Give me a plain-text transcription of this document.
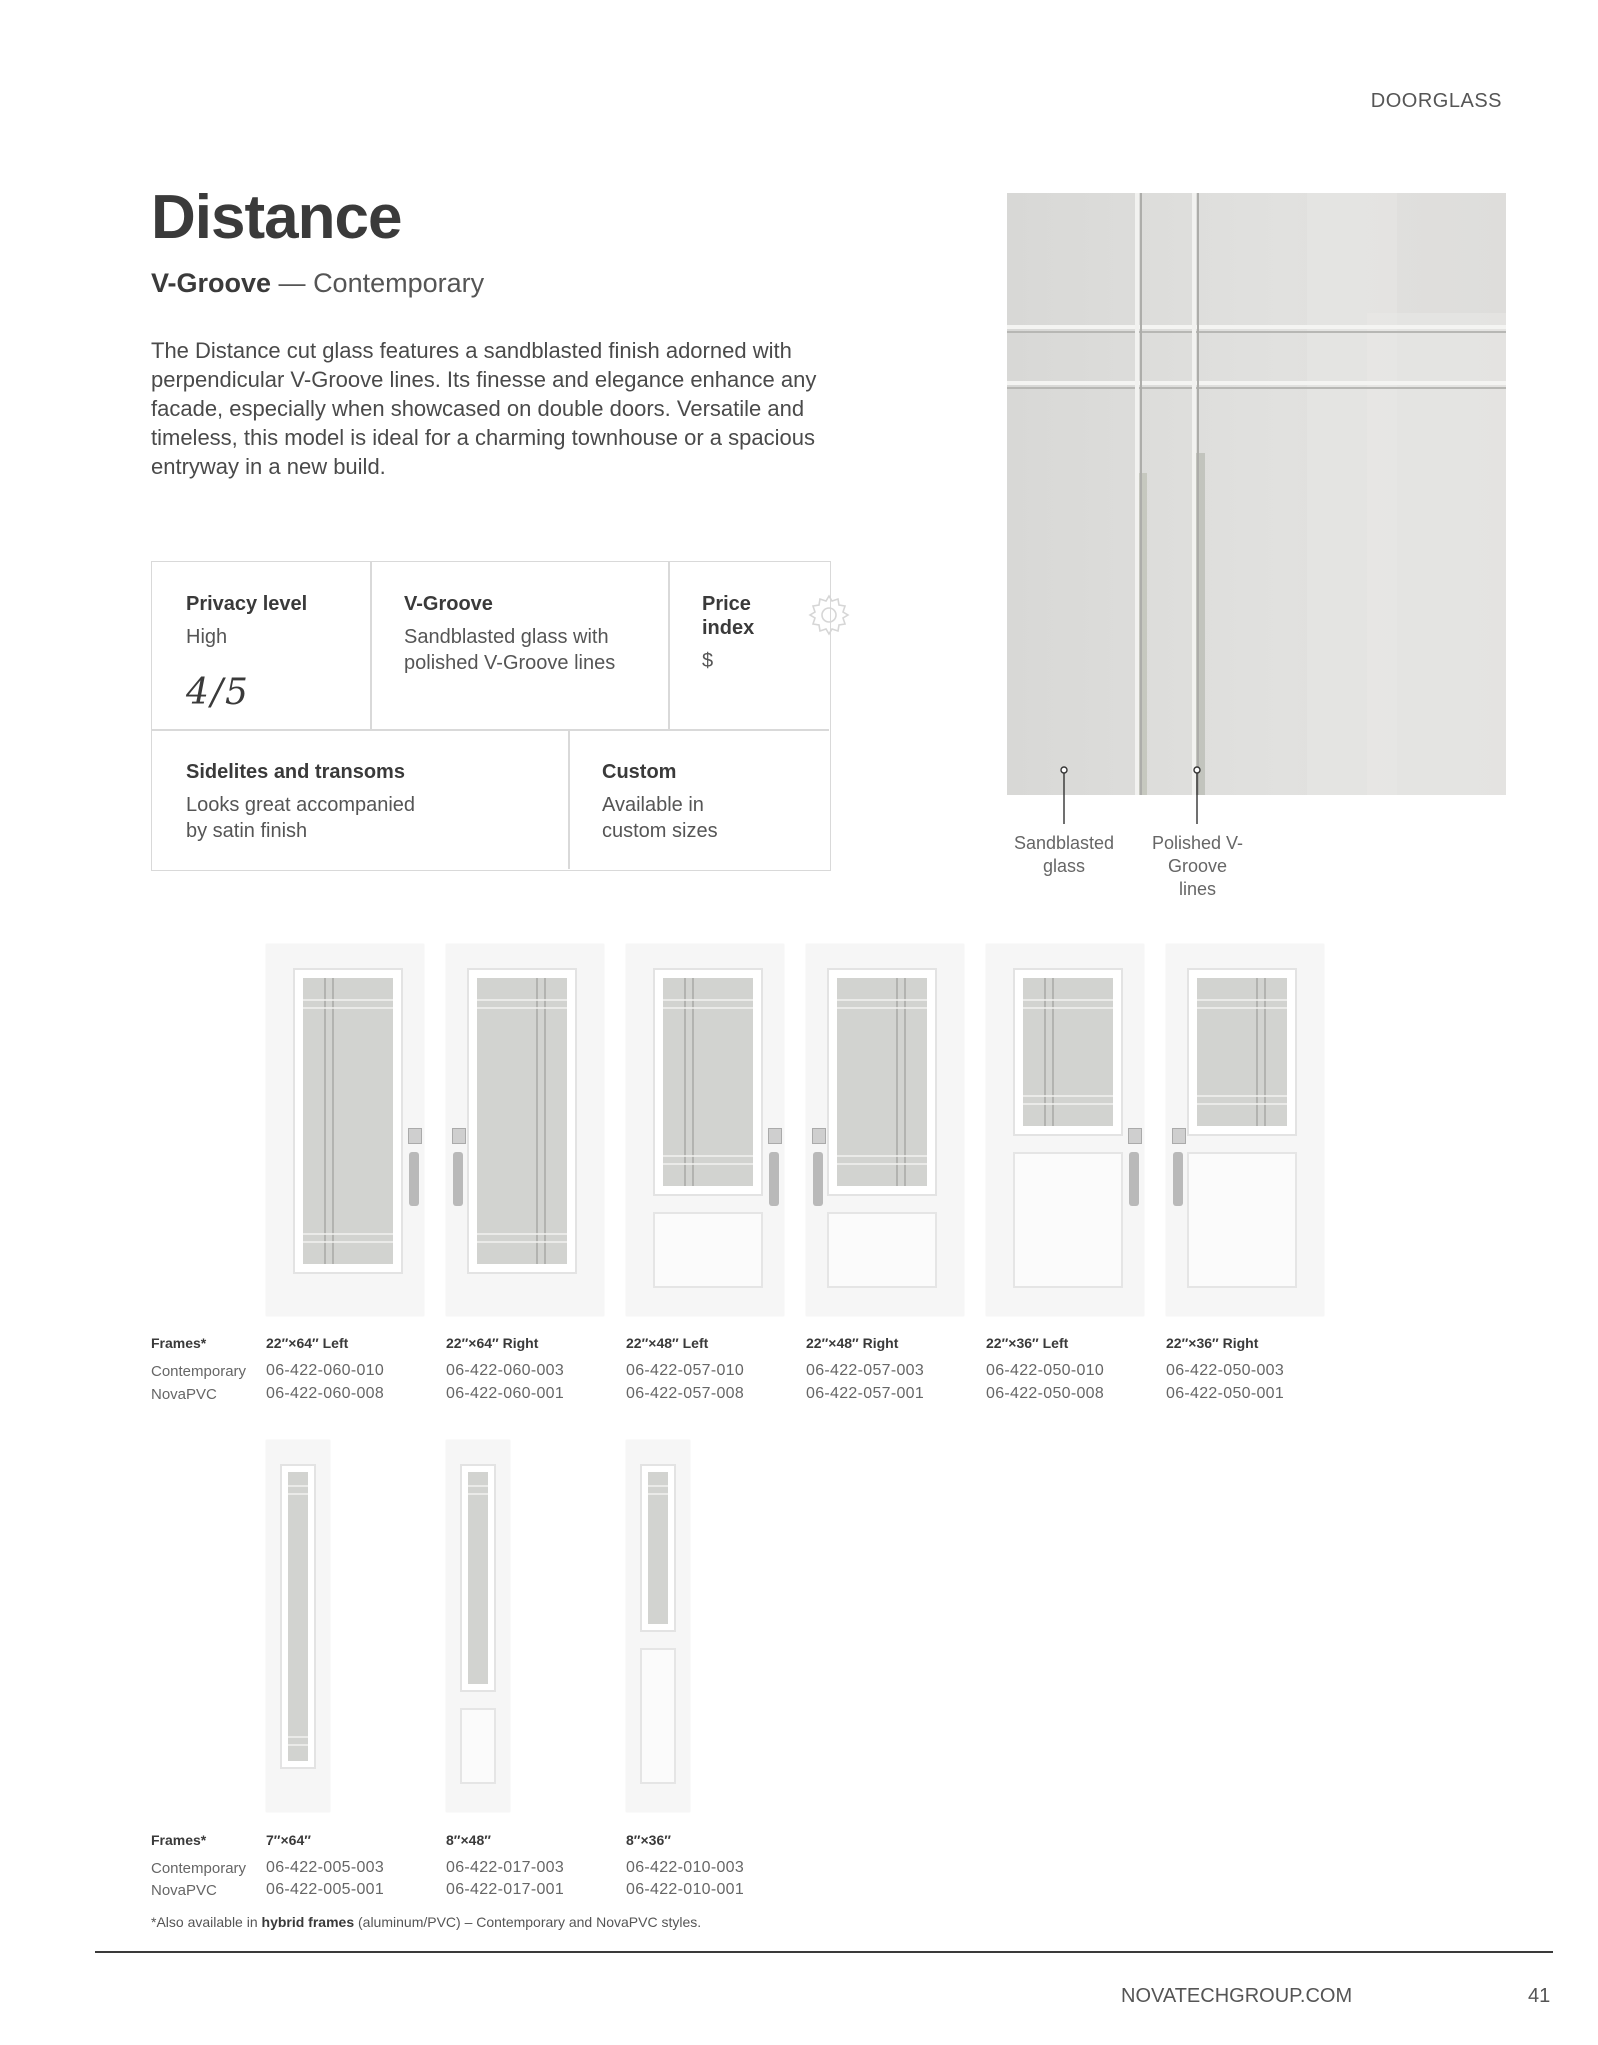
DOORGLASS
Distance
V-Groove — Contemporary
The Distance cut glass features a sandblasted finish adorned with perpendicular V-Groove lines. Its finesse and elegance enhance any facade, especially when showcased on double doors. Versatile and timeless, this model is ideal for a charming townhouse or a spacious entryway in a new build.
Privacy level

High

4/5
V-Groove

Sandblasted glass with polished V-Groove lines

Price index

$

Sidelites and transoms

Looks great accompanied by satin finish

Custom

Available in custom sizes

Sandblasted glass
Polished V-Groove lines
Frames*
Contemporary
NovaPVC
22″×64″ Left
06-422-060-010
06-422-060-008
22″×64″ Right
06-422-060-003
06-422-060-001
22″×48″ Left
06-422-057-010
06-422-057-008
22″×48″ Right
06-422-057-003
06-422-057-001
22″×36″ Left
06-422-050-010
06-422-050-008
22″×36″ Right
06-422-050-003
06-422-050-001
Frames*
Contemporary
NovaPVC
7″×64″
06-422-005-003
06-422-005-001
8″×48″
06-422-017-003
06-422-017-001
8″×36″
06-422-010-003
06-422-010-001
*Also available in hybrid frames (aluminum/PVC) – Contemporary and NovaPVC styles.
NOVATECHGROUP.COM	41
